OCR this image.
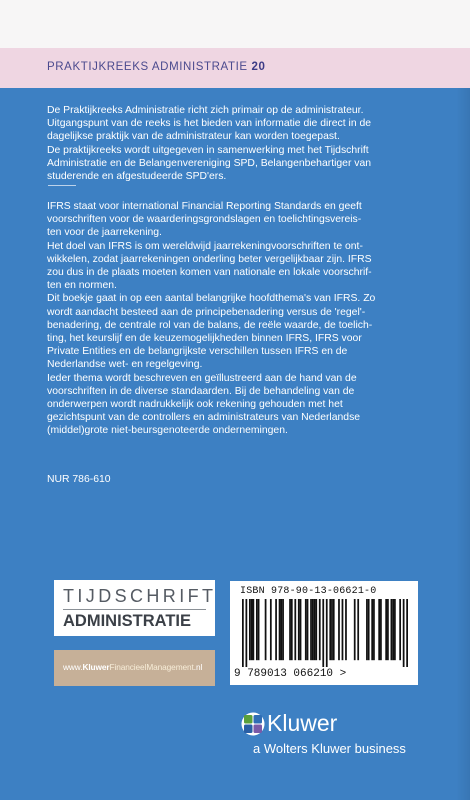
PRAKTIJKREEKS ADMINISTRATIE 20

De Praktijkreeks Administratie richt zich primair op de administrateur.

Uitgangspunt van de reeks is het bieden van informatie die direct in de

dagelijkse praktijk van de administrateur kan worden toegepast.

De praktijkreeks wordt uitgegeven in samenwerking met het Tijdschrift

Administratie en de Belangenvereniging SPD, Belangenbehartiger van

studerende en afgestudeerde SPD'ers.

IFRS staat voor international Financial Reporting Standards en geeft

voorschriften voor de waarderingsgrondslagen en toelichtingsvereis-

ten voor de jaarrekening.

Het doel van IFRS is om wereldwijd jaarrekeningvoorschriften te ont-

wikkelen, zodat jaarrekeningen onderling beter vergelijkbaar zijn. IFRS

zou dus in de plaats moeten komen van nationale en lokale voorschrif-

ten en normen.

Dit boekje gaat in op een aantal belangrijke hoofdthema's van IFRS. Zo

wordt aandacht besteed aan de principebenadering versus de 'regel'-

benadering, de centrale rol van de balans, de reële waarde, de toelich-

ting, het keurslijf en de keuzemogelijkheden binnen IFRS, IFRS voor

Private Entities en de belangrijkste verschillen tussen IFRS en de

Nederlandse wet- en regelgeving.

Ieder thema wordt beschreven en geïllustreerd aan de hand van de

voorschriften in de diverse standaarden. Bij de behandeling van de

onderwerpen wordt nadrukkelijk ook rekening gehouden met het

gezichtspunt van de controllers en administrateurs van Nederlandse

(middel)grote niet-beursgenoteerde ondernemingen.

NUR 786-610
TIJDSCHRIFT
ADMINISTRATIE
www.KluwerFinancieelManagement.nl
ISBN 978-90-13-06621-0
9 789013 066210 >
Kluwer
a Wolters Kluwer business
